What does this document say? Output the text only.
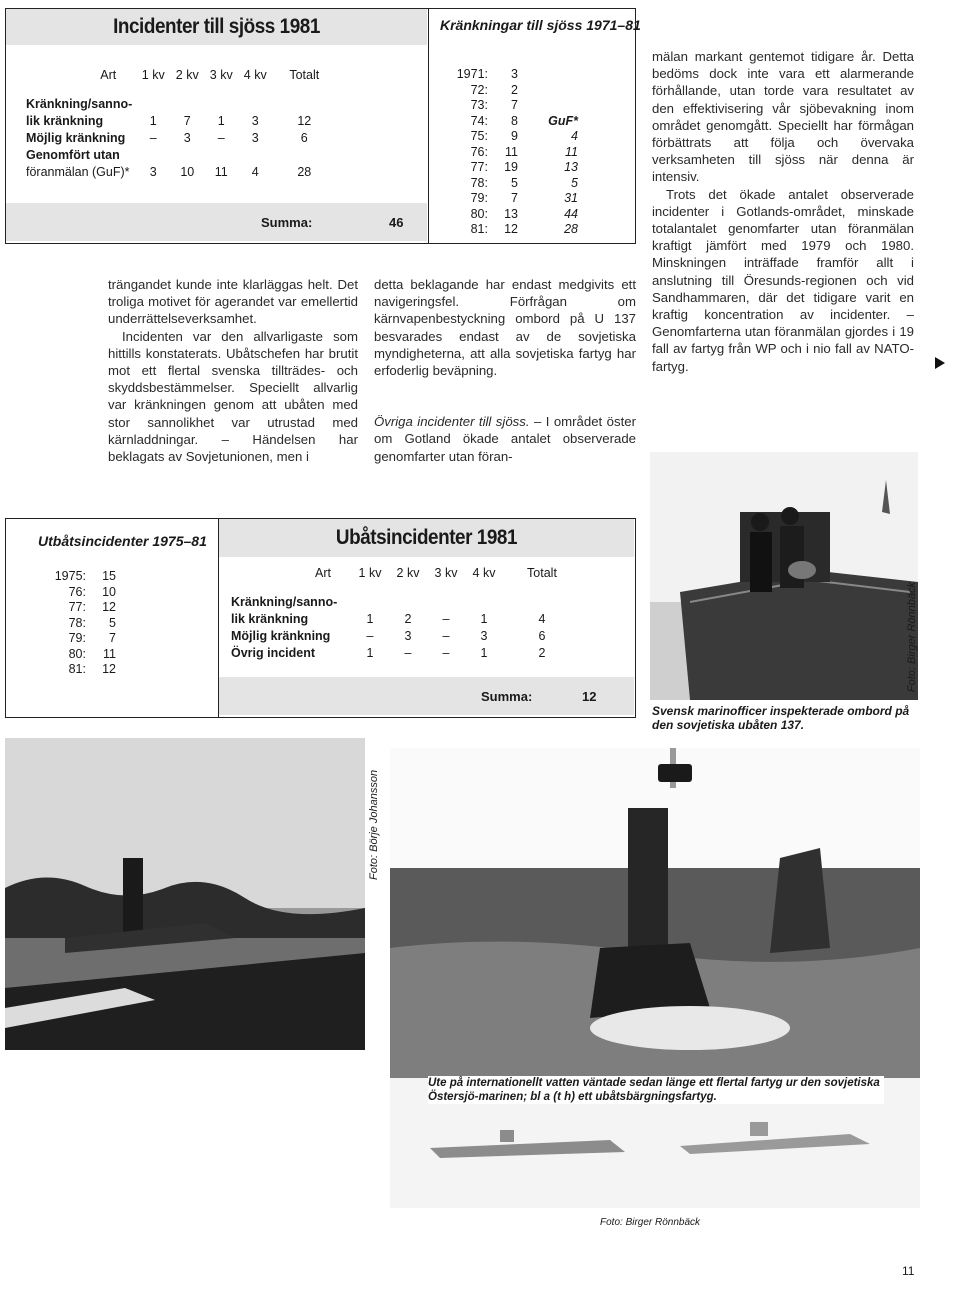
Incidenter till sjöss 1981
Art	1 kv	2 kv	3 kv	4 kv	Totalt

Kränkning/sanno-					
lik kränkning	1	7	1	3	12
Möjlig kränkning	–	3	–	3	6
Genomfört utan					
föranmälan (GuF)*	3	10	11	4	28
Summa:	46
Kränkningar till sjöss 1971–81
1971:	3
72:	2
73:	7
74:	8	GuF*
75:	9	4
76:	11	11
77:	19	13
78:	5	5
79:	7	31
80:	13	44
81:	12	28

trängandet kunde inte klarläggas helt. Det troliga motivet för agerandet var emellertid underrättelseverksamhet.

Incidenten var den allvarligaste som hittills konstaterats. Ubåtschefen har brutit mot ett flertal svenska tillträdes- och skyddsbestämmelser. Speciellt allvarlig var kränkningen genom att ubåten med stor sannolikhet var utrustad med kärnladdningar. – Händelsen har beklagats av Sovjetunionen, men i

detta beklagande har endast medgivits ett navigeringsfel. Förfrågan om kärnvapenbestyckning ombord på U 137 besvarades endast av de sovjetiska myndigheterna, att alla sovjetiska fartyg har erfoderlig beväpning.

Övriga incidenter till sjöss. – I området öster om Gotland ökade antalet observerade genomfarter utan föran-

mälan markant gentemot tidigare år. Detta bedöms dock inte vara ett alarmerande förhållande, utan torde vara resultatet av den effektivisering vår sjöbevakning inom området genomgått. Speciellt har förmågan förbättrats att följa och övervaka verksamheten till sjöss när denna är intensiv.

Trots det ökade antalet observerade incidenter i Gotlands-området, minskade totalantalet genomfarter utan föranmälan kraftigt jämfört med 1979 och 1980. Minskningen inträffade framför allt i anslutning till Öresunds-regionen och vid Sandhammaren, där det tidigare varit en kraftig koncentration av incidenter. – Genomfarterna utan föranmälan gjordes i 19 fall av fartyg från WP och i nio fall av NATO-fartyg.

Utbåtsincidenter 1975–81
1975:	15
76:	10
77:	12
78:	5
79:	7
80:	11
81:	12
Ubåtsincidenter 1981
Art	1 kv	2 kv	3 kv	4 kv	Totalt

Kränkning/sanno-					
lik kränkning	1	2	–	1	4
Möjlig kränkning	–	3	–	3	6
Övrig incident	1	–	–	1	2
Summa:	12
Foto: Birger Rönnbäck
Svensk marinofficer inspekterade ombord på den sovjetiska ubåten 137.
Foto: Börje Johansson
Ute på internationellt vatten väntade sedan länge ett flertal fartyg ur den sovjetiska Östersjö-marinen; bl a (t h) ett ubåtsbärgningsfartyg.
Foto: Birger Rönnbäck
11
